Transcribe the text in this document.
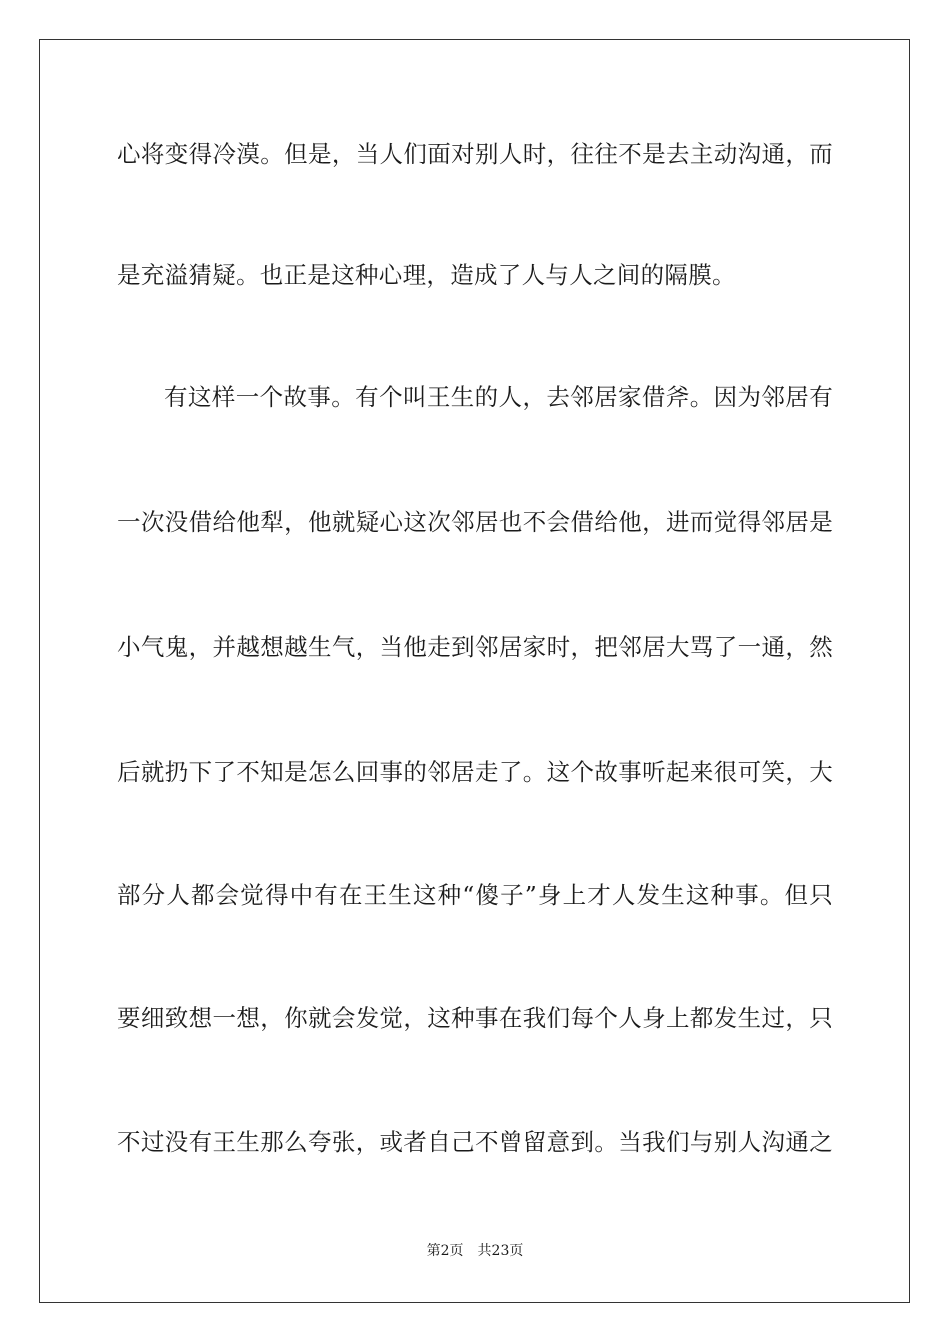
心将变得冷漠。但是，当人们面对别人时，往往不是去主动沟通，而
是充溢猜疑。也正是这种心理，造成了人与人之间的隔膜。
有这样一个故事。有个叫王生的人，去邻居家借斧。因为邻居有
一次没借给他犁，他就疑心这次邻居也不会借给他，进而觉得邻居是
小气鬼，并越想越生气，当他走到邻居家时，把邻居大骂了一通，然
后就扔下了不知是怎么回事的邻居走了。这个故事听起来很可笑，大
部分人都会觉得中有在王生这种“傻子”身上才人发生这种事。但只
要细致想一想，你就会发觉，这种事在我们每个人身上都发生过，只
不过没有王生那么夸张，或者自己不曾留意到。当我们与别人沟通之
第2页 共23页
